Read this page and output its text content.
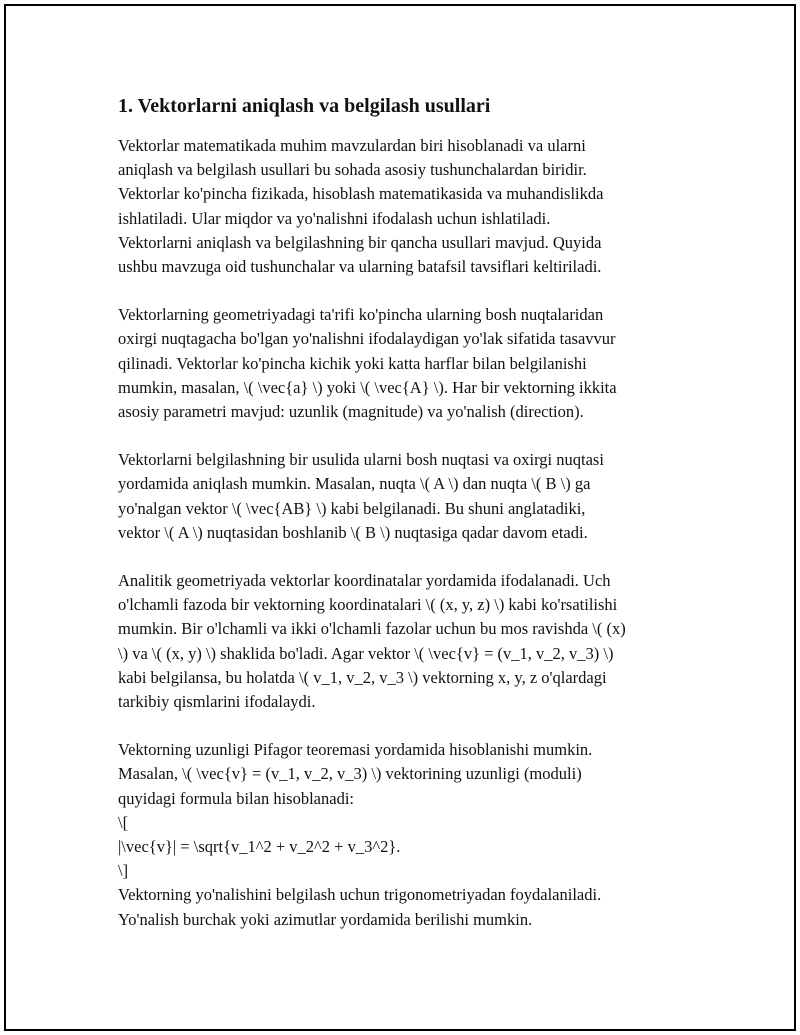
1. Vektorlarni aniqlash va belgilash usullari
Vektorlar matematikada muhim mavzulardan biri hisoblanadi va ularni
aniqlash va belgilash usullari bu sohada asosiy tushunchalardan biridir.
Vektorlar ko'pincha fizikada, hisoblash matematikasida va muhandislikda
ishlatiladi. Ular miqdor va yo'nalishni ifodalash uchun ishlatiladi.
Vektorlarni aniqlash va belgilashning bir qancha usullari mavjud. Quyida
ushbu mavzuga oid tushunchalar va ularning batafsil tavsiflari keltiriladi.
Vektorlarning geometriyadagi ta'rifi ko'pincha ularning bosh nuqtalaridan
oxirgi nuqtagacha bo'lgan yo'nalishni ifodalaydigan yo'lak sifatida tasavvur
qilinadi. Vektorlar ko'pincha kichik yoki katta harflar bilan belgilanishi
mumkin, masalan, \( \vec{a} \) yoki \( \vec{A} \). Har bir vektorning ikkita
asosiy parametri mavjud: uzunlik (magnitude) va yo'nalish (direction).
Vektorlarni belgilashning bir usulida ularni bosh nuqtasi va oxirgi nuqtasi
yordamida aniqlash mumkin. Masalan, nuqta \( A \) dan nuqta \( B \) ga
yo'nalgan vektor \( \vec{AB} \) kabi belgilanadi. Bu shuni anglatadiki,
vektor \( A \) nuqtasidan boshlanib \( B \) nuqtasiga qadar davom etadi.
Analitik geometriyada vektorlar koordinatalar yordamida ifodalanadi. Uch
o'lchamli fazoda bir vektorning koordinatalari \( (x, y, z) \) kabi ko'rsatilishi
mumkin. Bir o'lchamli va ikki o'lchamli fazolar uchun bu mos ravishda \( (x)
\) va \( (x, y) \) shaklida bo'ladi. Agar vektor \( \vec{v} = (v_1, v_2, v_3) \)
kabi belgilansa, bu holatda \( v_1, v_2, v_3 \) vektorning x, y, z o'qlardagi
tarkibiy qismlarini ifodalaydi.
Vektorning uzunligi Pifagor teoremasi yordamida hisoblanishi mumkin.
Masalan, \( \vec{v} = (v_1, v_2, v_3) \) vektorining uzunligi (moduli)
quyidagi formula bilan hisoblanadi:
\[
|\vec{v}| = \sqrt{v_1^2 + v_2^2 + v_3^2}.
\]
Vektorning yo'nalishini belgilash uchun trigonometriyadan foydalaniladi.
Yo'nalish burchak yoki azimutlar yordamida berilishi mumkin.
